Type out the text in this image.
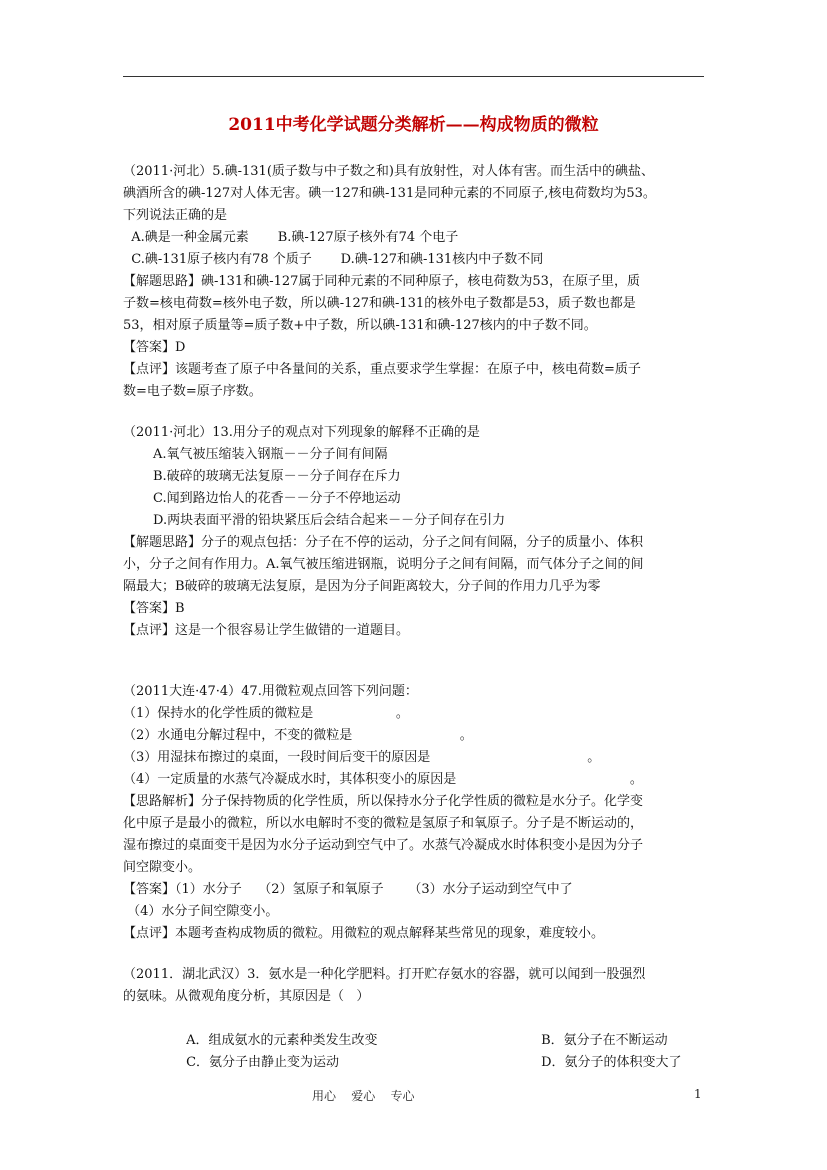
2011中考化学试题分类解析——构成物质的微粒
（2011·河北）5.碘-131(质子数与中子数之和)具有放射性，对人体有害。而生活中的碘盐、
碘酒所含的碘-127对人体无害。碘一127和碘-131是同种元素的不同原子,核电荷数均为53。
下列说法正确的是
A.碘是一种金属元素       B.碘-127原子核外有74 个电子
C.碘-131原子核内有78 个质子       D.碘-127和碘-131核内中子数不同
【解题思路】碘-131和碘-127属于同种元素的不同种原子，核电荷数为53，在原子里，质
子数=核电荷数=核外电子数，所以碘-127和碘-131的核外电子数都是53，质子数也都是
53，相对原子质量等=质子数+中子数，所以碘-131和碘-127核内的中子数不同。
【答案】D
【点评】该题考查了原子中各量间的关系，重点要求学生掌握：在原子中，核电荷数=质子
数=电子数=原子序数。
（2011·河北）13.用分子的观点对下列现象的解释不正确的是
A.氧气被压缩装入钢瓶－－分子间有间隔
B.破碎的玻璃无法复原－－分子间存在斥力
C.闻到路边怡人的花香－－分子不停地运动
D.两块表面平滑的铅块紧压后会结合起来－－分子间存在引力
【解题思路】分子的观点包括：分子在不停的运动，分子之间有间隔，分子的质量小、体积
小，分子之间有作用力。A.氧气被压缩进钢瓶，说明分子之间有间隔，而气体分子之间的间
隔最大；B破碎的玻璃无法复原，是因为分子间距离较大，分子间的作用力几乎为零
【答案】B
【点评】这是一个很容易让学生做错的一道题目。
（2011大连·47·4）47.用微粒观点回答下列问题：
（1）保持水的化学性质的微粒是                    。
（2）水通电分解过程中，不变的微粒是                          。
（3）用湿抹布擦过的桌面，一段时间后变干的原因是                                      。
（4）一定质量的水蒸气冷凝成水时，其体积变小的原因是                                          。
【思路解析】分子保持物质的化学性质，所以保持水分子化学性质的微粒是水分子。化学变
化中原子是最小的微粒，所以水电解时不变的微粒是氢原子和氧原子。分子是不断运动的，
湿布擦过的桌面变干是因为水分子运动到空气中了。水蒸气冷凝成水时体积变小是因为分子
间空隙变小。
【答案】（1）水分子    （2）氢原子和氧原子      （3）水分子运动到空气中了
（4）水分子间空隙变小。
【点评】本题考查构成物质的微粒。用微粒的观点解释某些常见的现象，难度较小。
（2011．湖北武汉）3．氨水是一种化学肥料。打开贮存氨水的容器，就可以闻到一股强烈
的氨味。从微观角度分析，其原因是（   ）

A．组成氨水的元素种类发生改变	B．氨分子在不断运动

C．氨分子由静止变为运动	D．氨分子的体积变大了

用心    爱心    专心	1
